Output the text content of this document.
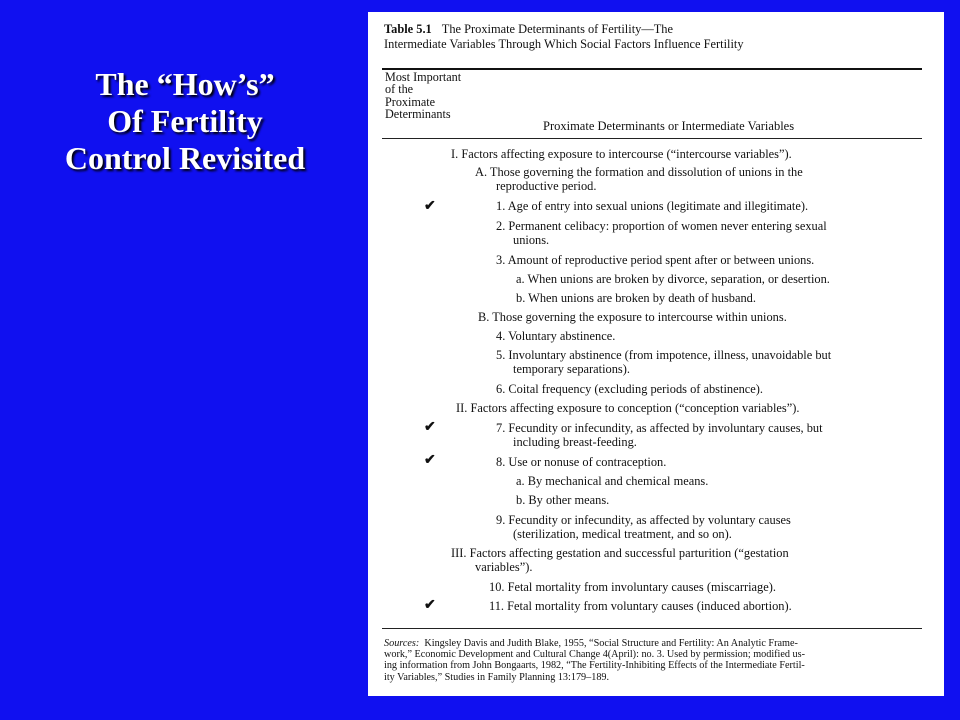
The “How’s”
Of Fertility
Control Revisited
Table 5.1 The Proximate Determinants of Fertility—The
Intermediate Variables Through Which Social Factors Influence Fertility
Most Important
of the
Proximate
Determinants
Proximate Determinants or Intermediate Variables
I. Factors affecting exposure to intercourse (“intercourse variables”).
A. Those governing the formation and dissolution of unions in the
reproductive period.
✔	1. Age of entry into sexual unions (legitimate and illegitimate).
2. Permanent celibacy: proportion of women never entering sexual
unions.
3. Amount of reproductive period spent after or between unions.
a. When unions are broken by divorce, separation, or desertion.
b. When unions are broken by death of husband.
B. Those governing the exposure to intercourse within unions.
4. Voluntary abstinence.
5. Involuntary abstinence (from impotence, illness, unavoidable but
temporary separations).
6. Coital frequency (excluding periods of abstinence).
II. Factors affecting exposure to conception (“conception variables”).
✔	7. Fecundity or infecundity, as affected by involuntary causes, but
including breast-feeding.
✔	8. Use or nonuse of contraception.
a. By mechanical and chemical means.
b. By other means.
9. Fecundity or infecundity, as affected by voluntary causes
(sterilization, medical treatment, and so on).
III. Factors affecting gestation and successful parturition (“gestation
variables”).
10. Fetal mortality from involuntary causes (miscarriage).
✔	11. Fetal mortality from voluntary causes (induced abortion).
Sources: Kingsley Davis and Judith Blake, 1955, “Social Structure and Fertility: An Analytic Frame-
work,” Economic Development and Cultural Change 4(April): no. 3. Used by permission; modified us-
ing information from John Bongaarts, 1982, “The Fertility-Inhibiting Effects of the Intermediate Fertil-
ity Variables,” Studies in Family Planning 13:179–189.
